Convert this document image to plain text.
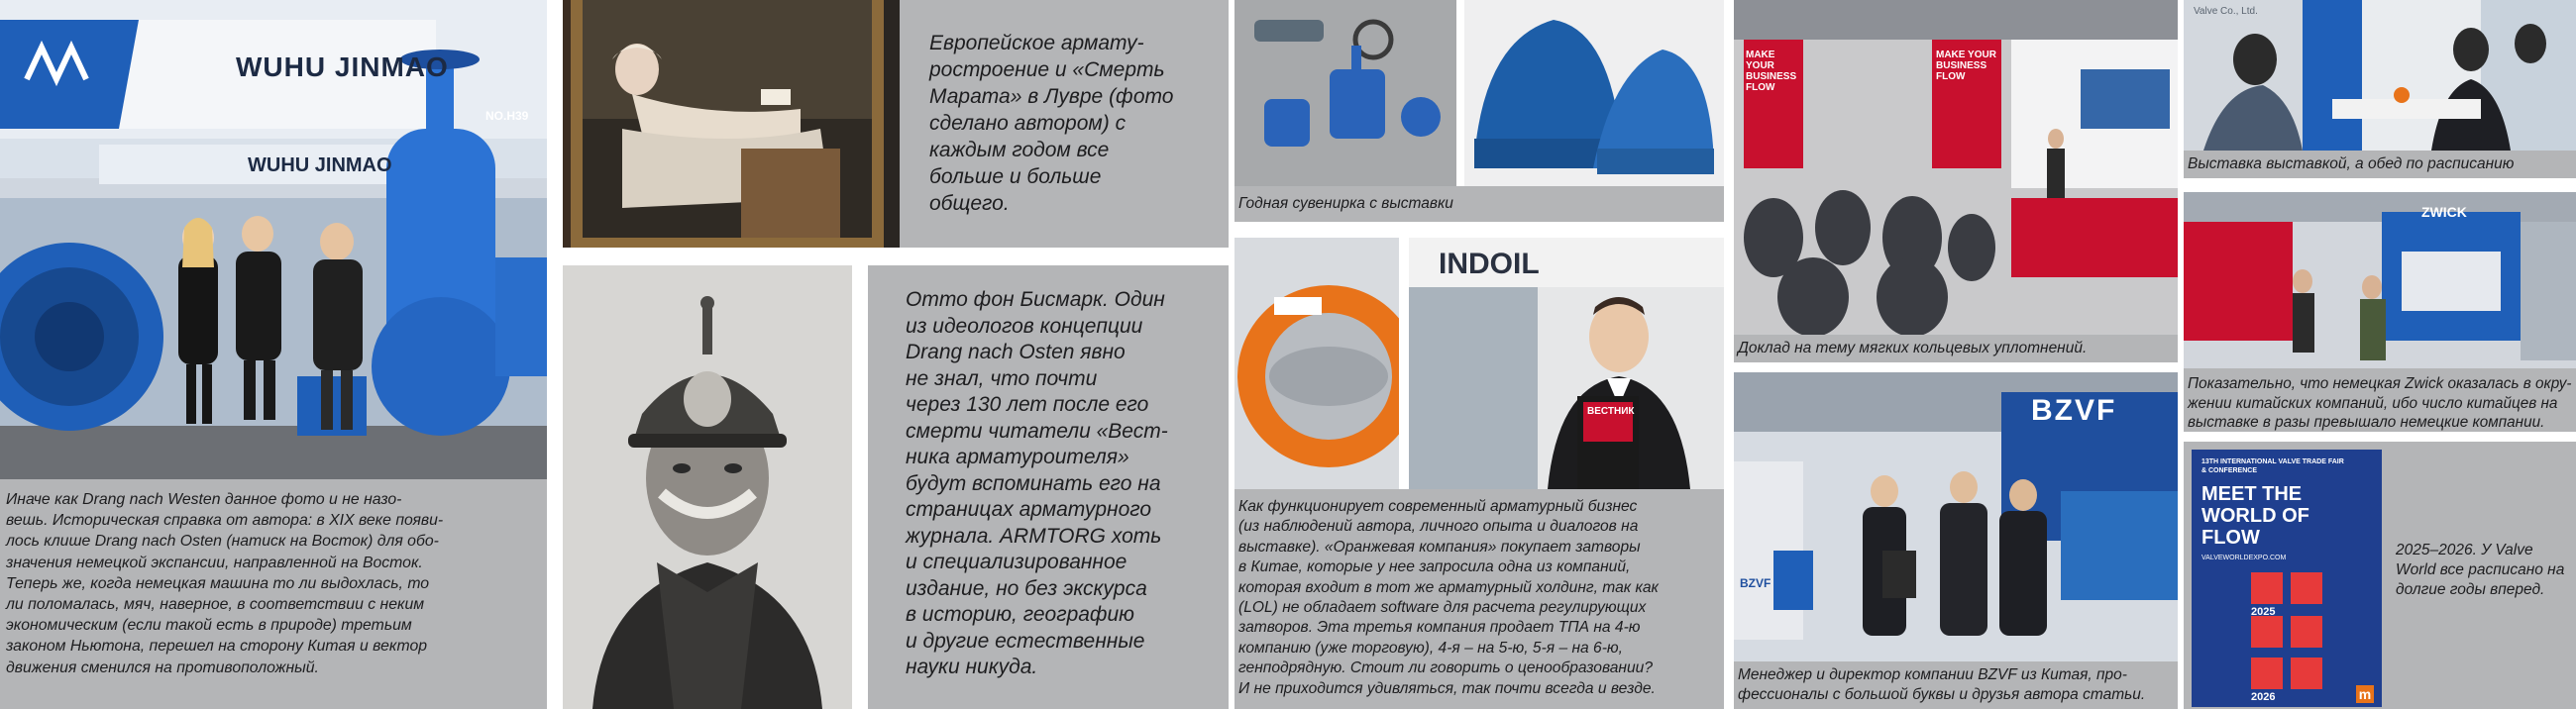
WUHU JINMAO
WUHU JINMAO
NO.H39
Иначе как Drang nach Westen данное фото и не назо-
вешь. Историческая справка от автора: в XIX веке появи-
лось клише Drang nach Osten (натиск на Восток) для обо-
значения немецкой экспансии, направленной на Восток.
Теперь же, когда немецкая машина то ли выдохлась, то
ли поломалась, мяч, наверное, в соответствии с неким
экономическим (если такой есть в природе) третьим
законом Ньютона, перешел на сторону Китая и вектор
движения сменился на противоположный.
Европейское армату-
ростроение и «Смерть
Марата» в Лувре (фото
сделано автором) с
каждым годом все
больше и больше
общего.
Отто фон Бисмарк. Один
из идеологов концепции
Drang nach Osten явно
не знал, что почти
через 130 лет после его
смерти читатели «Вест-
ника арматуроителя»
будут вспоминать его на
страницах арматурного
журнала. ARMTORG хоть
и специализированное
издание, но без экскурса
в историю, географию
и другие естественные
науки никуда.
Годная сувенирка с выставки
INDOIL
ВЕСТНИК
Как функционирует современный арматурный бизнес
(из наблюдений автора, личного опыта и диалогов на
выставке). «Оранжевая компания» покупает затворы
в Китае, которые у нее запросила одна из компаний,
которая входит в тот же арматурный холдинг, так как
(LOL) не обладает software для расчета регулирующих
затворов. Эта третья компания продает ТПА на 4-ю
компанию (уже торговую), 4-я – на 5-ю, 5-я – на 6-ю,
генподрядную. Стоит ли говорить о ценообразовании?
И не приходится удивляться, так почти всегда и везде.
MAKE YOUR BUSINESS FLOW
MAKE YOUR BUSINESS FLOW
Доклад на тему мягких кольцевых уплотнений.
BZVF
BZVF
Менеджер и директор компании BZVF из Китая, про-
фессионалы с большой буквы и друзья автора статьи.
Valve Co., Ltd.
Выставка выставкой, а обед по расписанию
ZWICK
Показательно, что немецкая Zwick оказалась в окру-
жении китайских компаний, ибо число китайцев на
выставке в разы превышало немецкие компании.
13TH INTERNATIONAL VALVE TRADE FAIR & CONFERENCE
MEET THE WORLD OF FLOW
VALVEWORLDEXPO.COM
2025
2026	m
2025–2026. У Valve
World все расписано на
долгие годы вперед.
